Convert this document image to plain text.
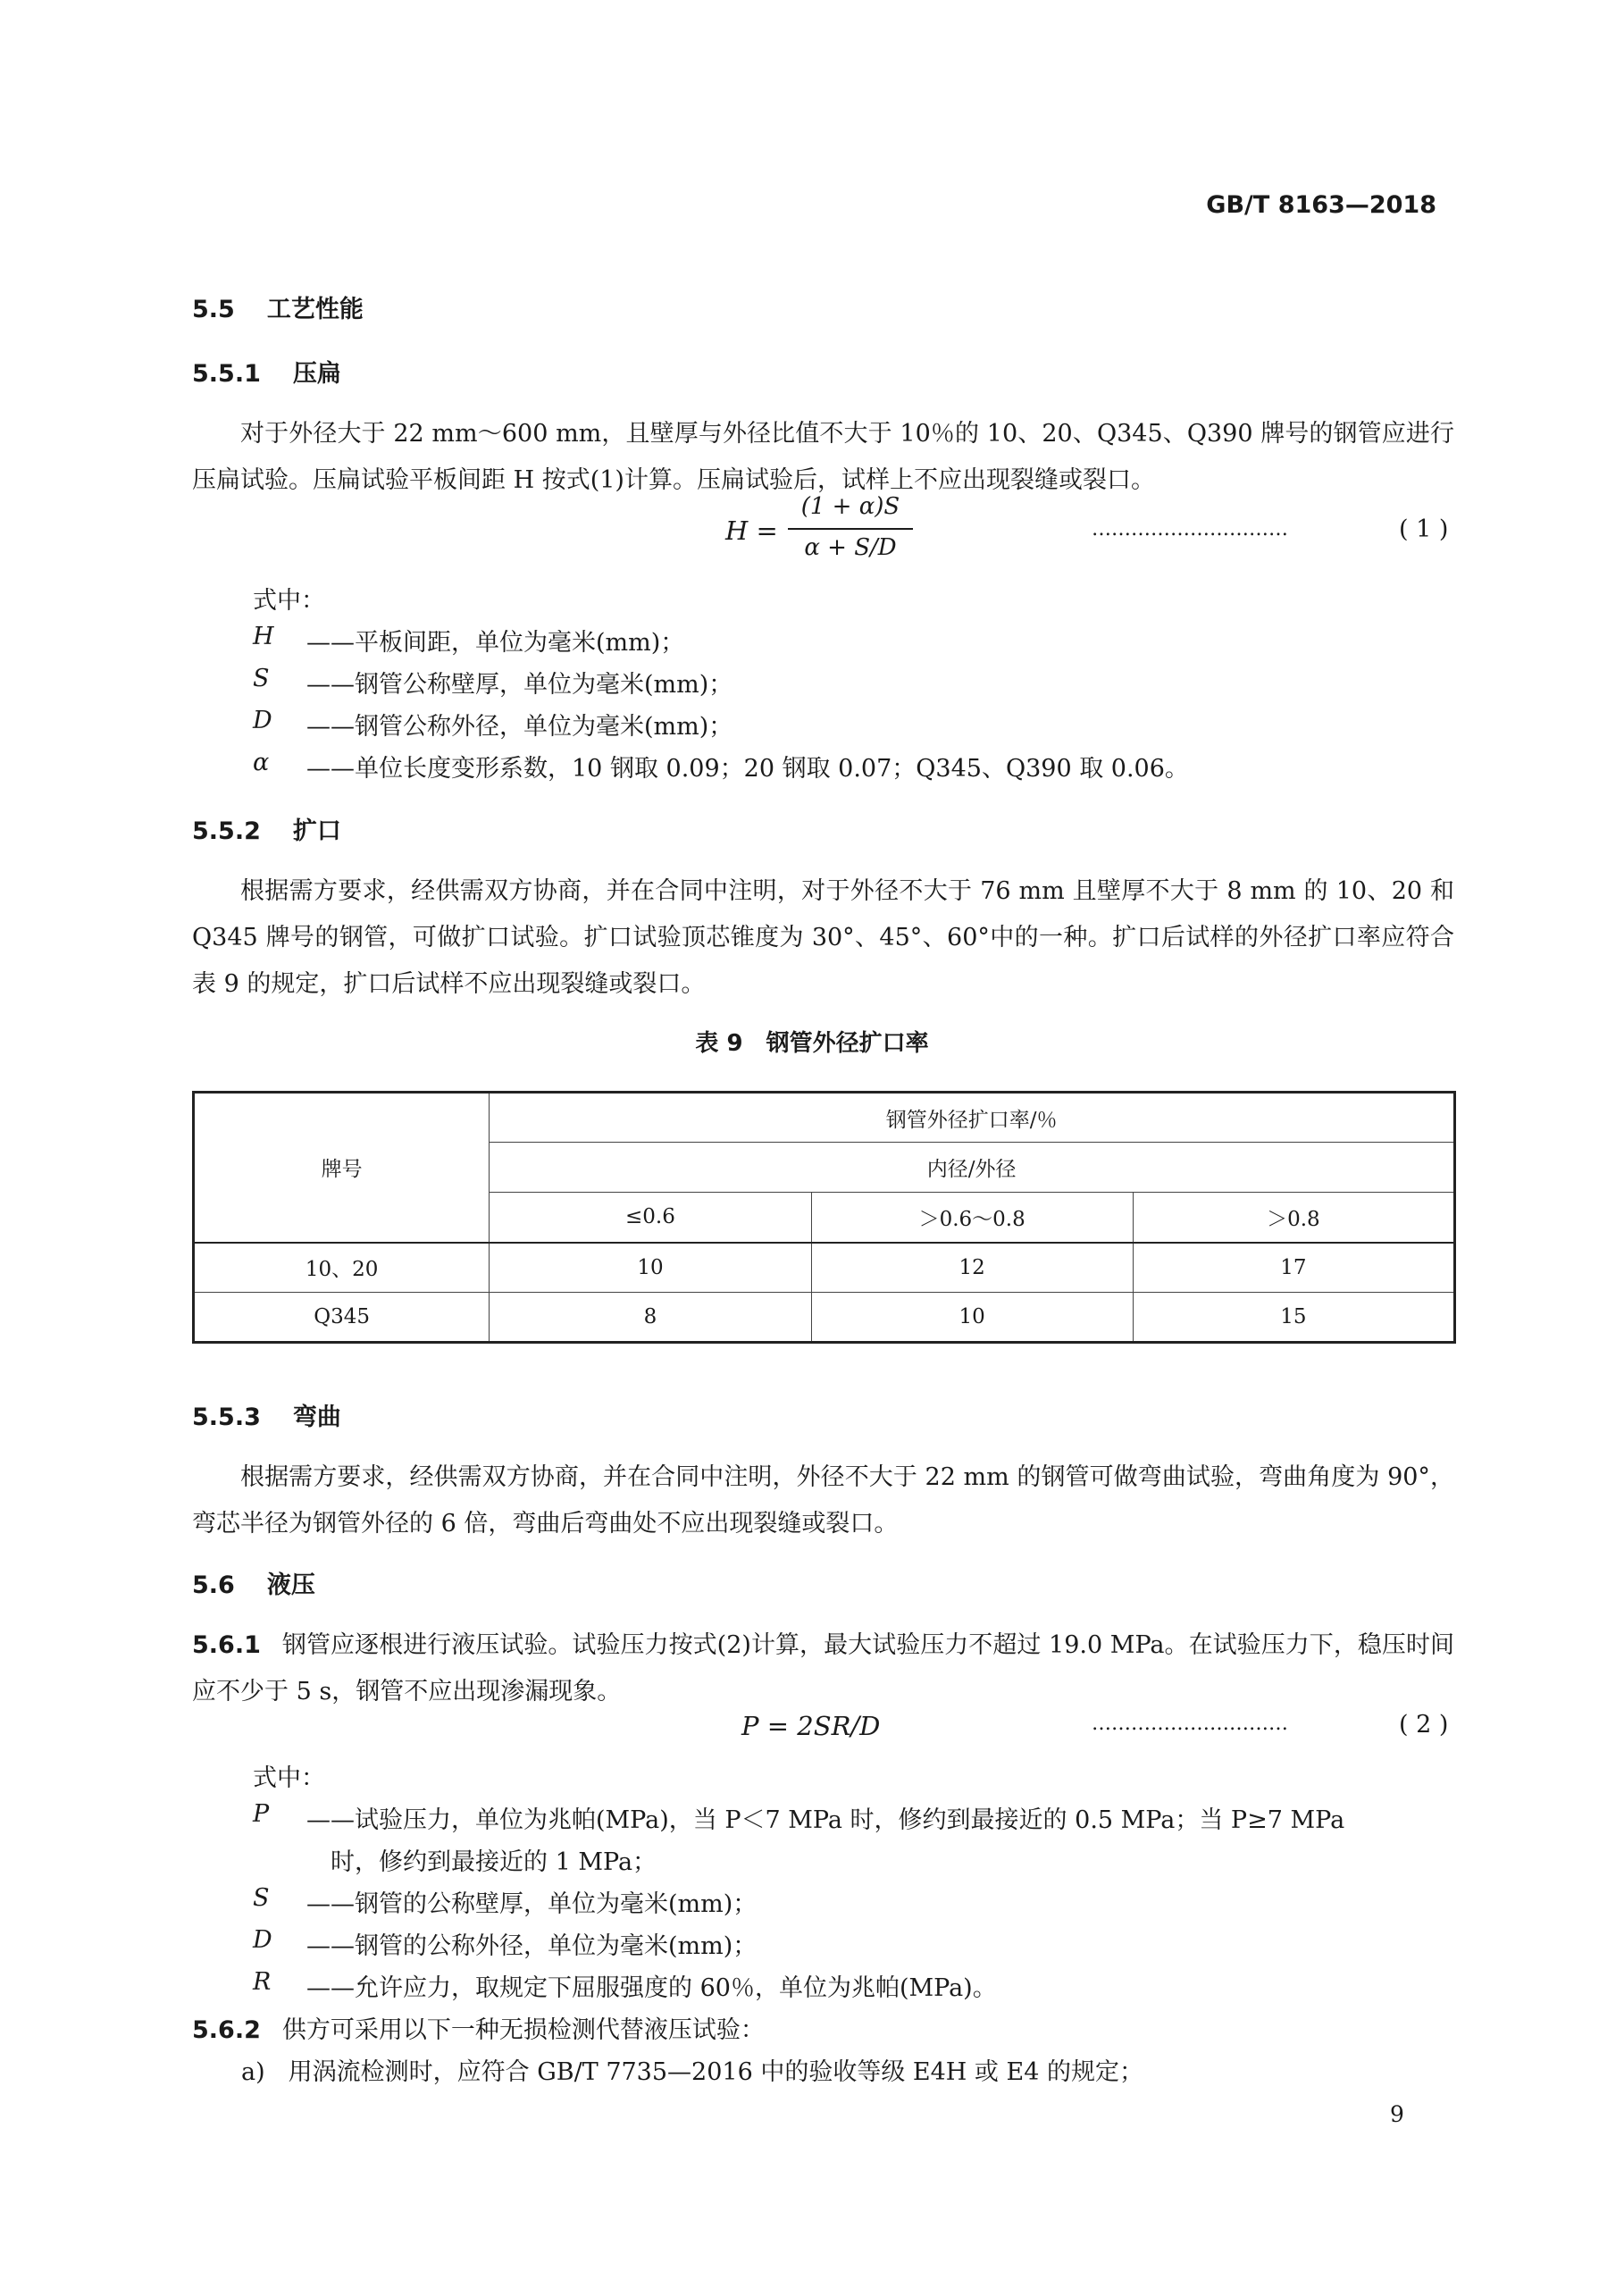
GB/T 8163—2018
5.5 工艺性能
5.5.1 压扁
对于外径大于 22 mm～600 mm，且壁厚与外径比值不大于 10％的 10、20、Q345、Q390 牌号的钢管应进行压扁试验。压扁试验平板间距 H 按式(1)计算。压扁试验后，试样上不应出现裂缝或裂口。
H =
(1 + α)S
α + S/D
…………………………	( 1 )
式中：
H	——平板间距，单位为毫米(mm)；
S	——钢管公称壁厚，单位为毫米(mm)；
D	——钢管公称外径，单位为毫米(mm)；
α	——单位长度变形系数，10 钢取 0.09；20 钢取 0.07；Q345、Q390 取 0.06。
5.5.2 扩口
根据需方要求，经供需双方协商，并在合同中注明，对于外径不大于 76 mm 且壁厚不大于 8 mm 的 10、20 和 Q345 牌号的钢管，可做扩口试验。扩口试验顶芯锥度为 30°、45°、60°中的一种。扩口后试样的外径扩口率应符合表 9 的规定，扩口后试样不应出现裂缝或裂口。
表 9　钢管外径扩口率
牌号	钢管外径扩口率/％		
	内径/外径		
	≤0.6	＞0.6～0.8	＞0.8
10、20	10	12	17
Q345	8	10	15
5.5.3 弯曲
根据需方要求，经供需双方协商，并在合同中注明，外径不大于 22 mm 的钢管可做弯曲试验，弯曲角度为 90°，弯芯半径为钢管外径的 6 倍，弯曲后弯曲处不应出现裂缝或裂口。
5.6 液压
5.6.1 钢管应逐根进行液压试验。试验压力按式(2)计算，最大试验压力不超过 19.0 MPa。在试验压力下，稳压时间应不少于 5 s，钢管不应出现渗漏现象。
P = 2SR/D	…………………………	( 2 )
式中：
P	——试验压力，单位为兆帕(MPa)，当 P＜7 MPa 时，修约到最接近的 0.5 MPa；当 P≥7 MPa
时，修约到最接近的 1 MPa；
S	——钢管的公称壁厚，单位为毫米(mm)；
D	——钢管的公称外径，单位为毫米(mm)；
R	——允许应力，取规定下屈服强度的 60％，单位为兆帕(MPa)。
5.6.2 供方可采用以下一种无损检测代替液压试验：
a) 用涡流检测时，应符合 GB/T 7735—2016 中的验收等级 E4H 或 E4 的规定；
9
